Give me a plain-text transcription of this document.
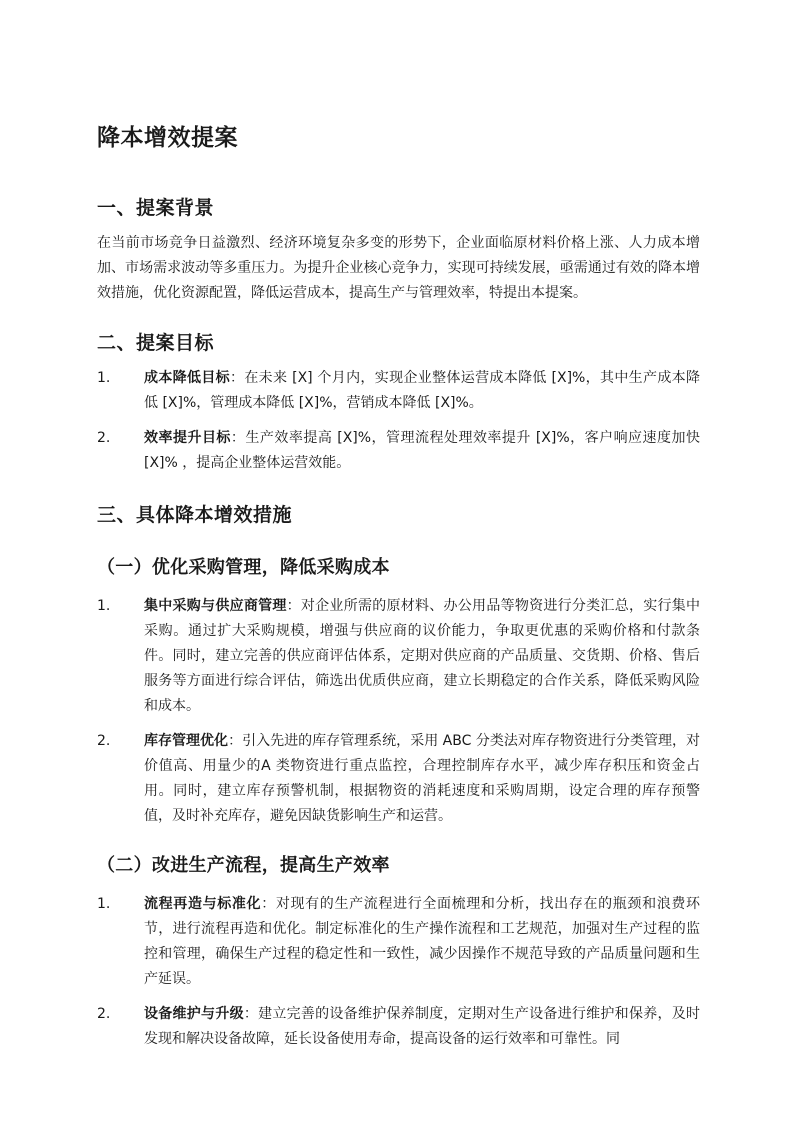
降本增效提案
一、提案背景

在当前市场竞争日益激烈、经济环境复杂多变的形势下，企业面临原材料价格上涨、人力成本增加、市场需求波动等多重压力。为提升企业核心竞争力，实现可持续发展，亟需通过有效的降本增效措施，优化资源配置，降低运营成本，提高生产与管理效率，特提出本提案。

二、提案目标
1. 成本降低目标：在未来 [X] 个月内，实现企业整体运营成本降低 [X]%，其中生产成本降低 [X]%，管理成本降低 [X]%，营销成本降低 [X]%。
2. 效率提升目标：生产效率提高 [X]%，管理流程处理效率提升 [X]%，客户响应速度加快 [X]% ，提高企业整体运营效能。
三、具体降本增效措施
（一）优化采购管理，降低采购成本
1. 集中采购与供应商管理：对企业所需的原材料、办公用品等物资进行分类汇总，实行集中采购。通过扩大采购规模，增强与供应商的议价能力，争取更优惠的采购价格和付款条件。同时，建立完善的供应商评估体系，定期对供应商的产品质量、交货期、价格、售后服务等方面进行综合评估，筛选出优质供应商，建立长期稳定的合作关系，降低采购风险和成本。
2. 库存管理优化：引入先进的库存管理系统，采用 ABC 分类法对库存物资进行分类管理，对价值高、用量少的A 类物资进行重点监控，合理控制库存水平，减少库存积压和资金占用。同时，建立库存预警机制，根据物资的消耗速度和采购周期，设定合理的库存预警值，及时补充库存，避免因缺货影响生产和运营。
（二）改进生产流程，提高生产效率
1. 流程再造与标准化：对现有的生产流程进行全面梳理和分析，找出存在的瓶颈和浪费环节，进行流程再造和优化。制定标准化的生产操作流程和工艺规范，加强对生产过程的监控和管理，确保生产过程的稳定性和一致性，减少因操作不规范导致的产品质量问题和生产延误。
2. 设备维护与升级：建立完善的设备维护保养制度，定期对生产设备进行维护和保养，及时发现和解决设备故障，延长设备使用寿命，提高设备的运行效率和可靠性。同
